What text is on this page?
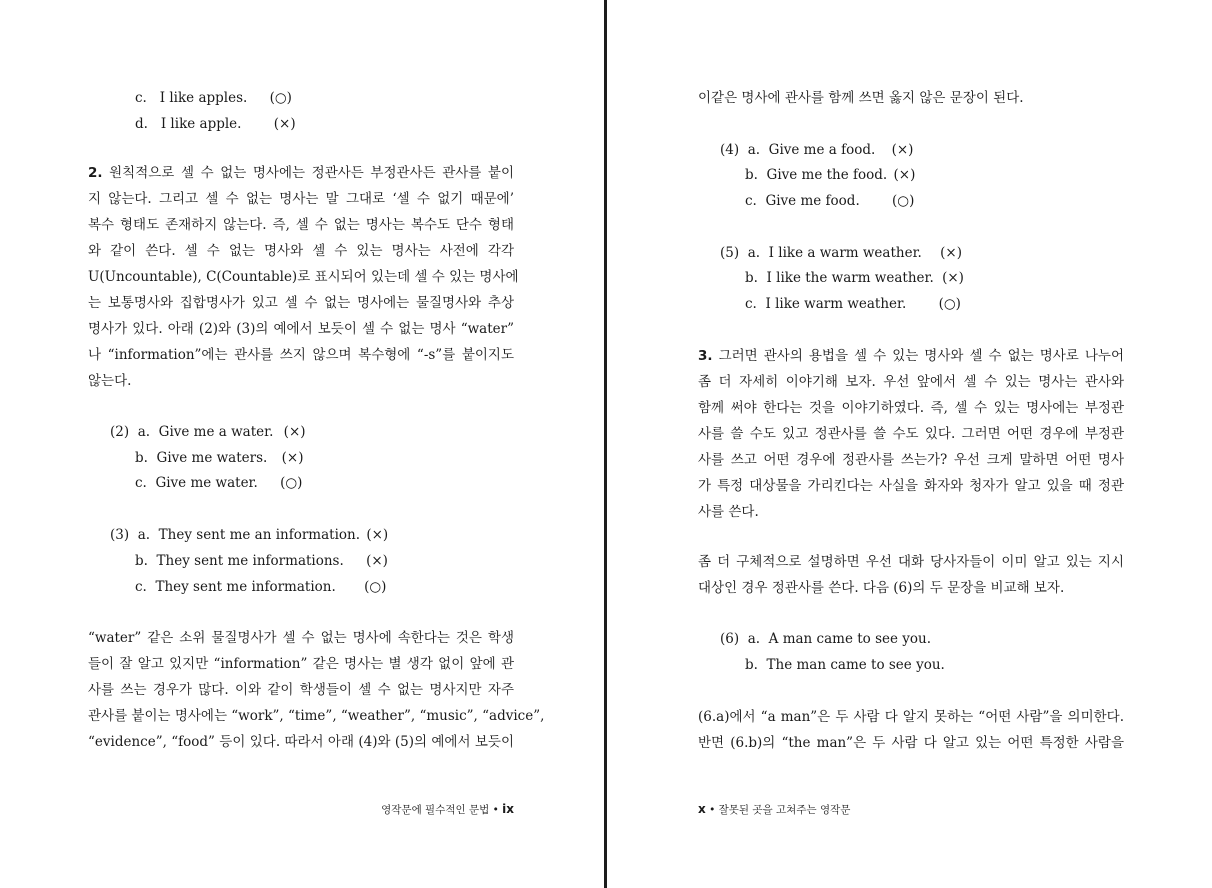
c. I like apples. (○)
d. I like apple. (×)
2. 원칙적으로 셀 수 없는 명사에는 정관사든 부정관사든 관사를 붙이
지 않는다. 그리고 셀 수 없는 명사는 말 그대로 ‘셀 수 없기 때문에’
복수 형태도 존재하지 않는다. 즉, 셀 수 없는 명사는 복수도 단수 형태
와 같이 쓴다. 셀 수 없는 명사와 셀 수 있는 명사는 사전에 각각
U(Uncountable), C(Countable)로 표시되어 있는데 셀 수 있는 명사에
는 보통명사와 집합명사가 있고 셀 수 없는 명사에는 물질명사와 추상
명사가 있다. 아래 (2)와 (3)의 예에서 보듯이 셀 수 없는 명사 “water”
나 “information”에는 관사를 쓰지 않으며 복수형에 “-s”를 붙이지도
않는다.
(2) a. Give me a water. (×)
b. Give me waters. (×)
c. Give me water. (○)
(3) a. They sent me an information. (×)
b. They sent me informations. (×)
c. They sent me information. (○)
“water” 같은 소위 물질명사가 셀 수 없는 명사에 속한다는 것은 학생
들이 잘 알고 있지만 “information” 같은 명사는 별 생각 없이 앞에 관
사를 쓰는 경우가 많다. 이와 같이 학생들이 셀 수 없는 명사지만 자주
관사를 붙이는 명사에는 “work”, “time”, “weather”, “music”, “advice”,
“evidence”, “food” 등이 있다. 따라서 아래 (4)와 (5)의 예에서 보듯이
영작문에 필수적인 문법 • ix
이같은 명사에 관사를 함께 쓰면 옳지 않은 문장이 된다.
(4) a. Give me a food. (×)
b. Give me the food. (×)
c. Give me food. (○)
(5) a. I like a warm weather. (×)
b. I like the warm weather. (×)
c. I like warm weather. (○)
3. 그러면 관사의 용법을 셀 수 있는 명사와 셀 수 없는 명사로 나누어
좀 더 자세히 이야기해 보자. 우선 앞에서 셀 수 있는 명사는 관사와
함께 써야 한다는 것을 이야기하였다. 즉, 셀 수 있는 명사에는 부정관
사를 쓸 수도 있고 정관사를 쓸 수도 있다. 그러면 어떤 경우에 부정관
사를 쓰고 어떤 경우에 정관사를 쓰는가? 우선 크게 말하면 어떤 명사
가 특정 대상물을 가리킨다는 사실을 화자와 청자가 알고 있을 때 정관
사를 쓴다.
좀 더 구체적으로 설명하면 우선 대화 당사자들이 이미 알고 있는 지시
대상인 경우 정관사를 쓴다. 다음 (6)의 두 문장을 비교해 보자.
(6) a. A man came to see you.
b. The man came to see you.
(6.a)에서 “a man”은 두 사람 다 알지 못하는 “어떤 사람”을 의미한다.
반면 (6.b)의 “the man”은 두 사람 다 알고 있는 어떤 특정한 사람을
x • 잘못된 곳을 고쳐주는 영작문
